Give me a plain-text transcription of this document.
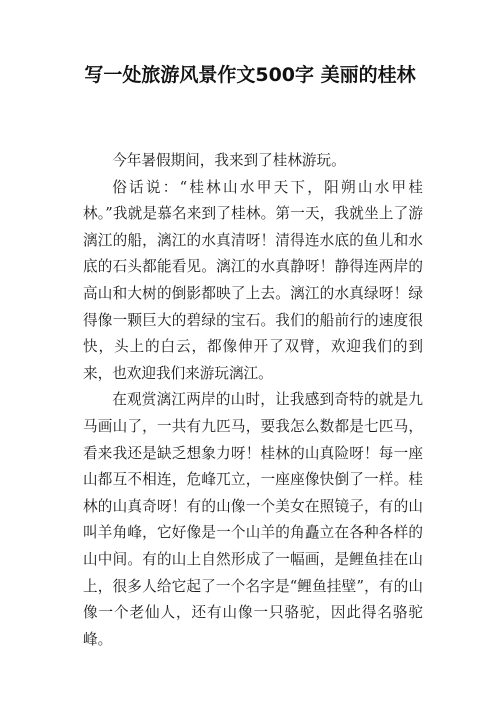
写一处旅游风景作文500字 美丽的桂林

今年暑假期间，我来到了桂林游玩。

俗话说：“桂林山水甲天下，阳朔山水甲桂林。”我就是慕名来到了桂林。第一天，我就坐上了游漓江的船，漓江的水真清呀！清得连水底的鱼儿和水底的石头都能看见。漓江的水真静呀！静得连两岸的高山和大树的倒影都映了上去。漓江的水真绿呀！绿得像一颗巨大的碧绿的宝石。我们的船前行的速度很快，头上的白云，都像伸开了双臂，欢迎我们的到来，也欢迎我们来游玩漓江。

在观赏漓江两岸的山时，让我感到奇特的就是九马画山了，一共有九匹马，要我怎么数都是七匹马，看来我还是缺乏想象力呀！桂林的山真险呀！每一座山都互不相连，危峰兀立，一座座像快倒了一样。桂林的山真奇呀！有的山像一个美女在照镜子，有的山叫羊角峰，它好像是一个山羊的角矗立在各种各样的山中间。有的山上自然形成了一幅画，是鲤鱼挂在山上，很多人给它起了一个名字是“鲤鱼挂壁”，有的山像一个老仙人，还有山像一只骆驼，因此得名骆驼峰。
